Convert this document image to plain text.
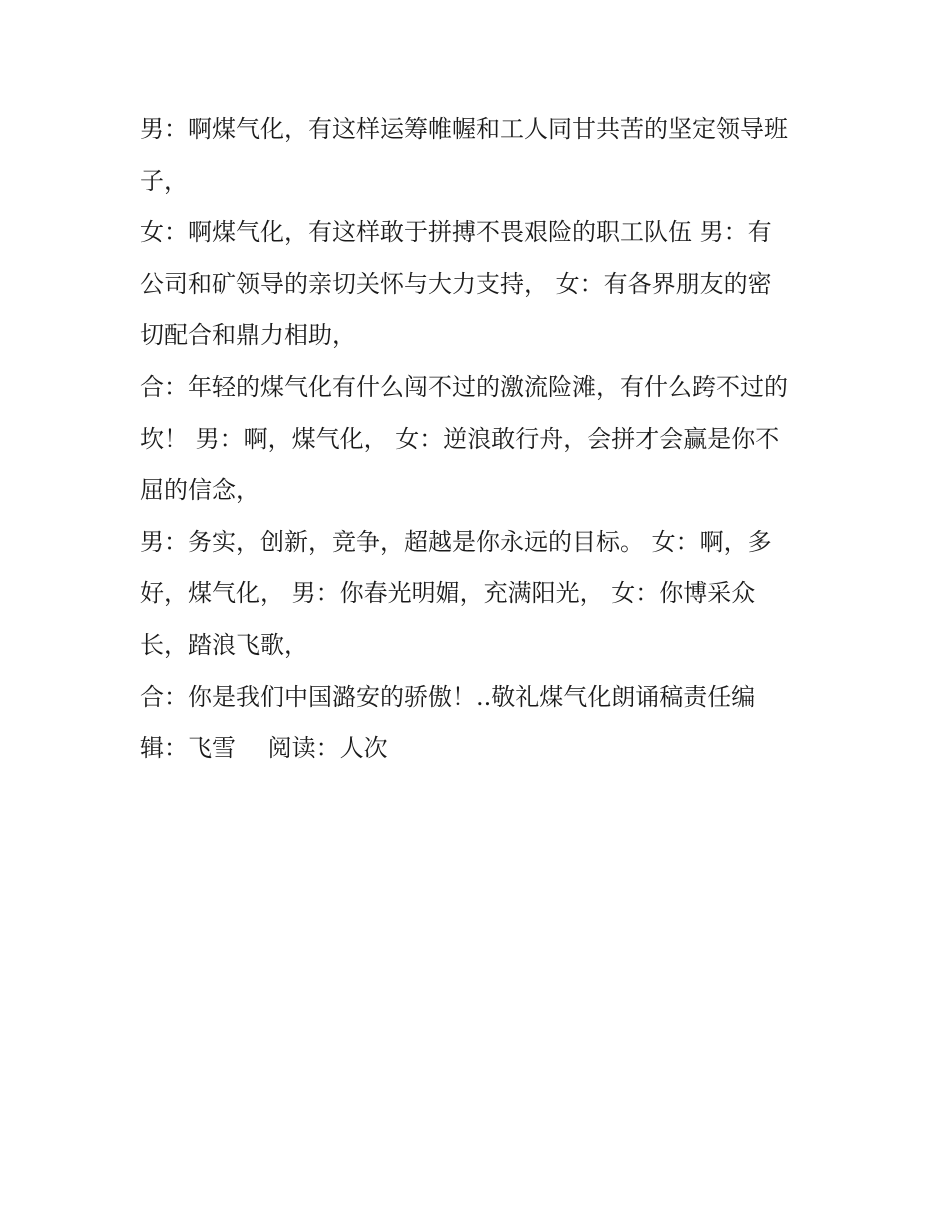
男：啊煤气化，有这样运筹帷幄和工人同甘共苦的坚定领导班
子，
女：啊煤气化，有这样敢于拼搏不畏艰险的职工队伍 男：有
公司和矿领导的亲切关怀与大力支持， 女：有各界朋友的密
切配合和鼎力相助，
合：年轻的煤气化有什么闯不过的激流险滩，有什么跨不过的
坎！ 男：啊，煤气化， 女：逆浪敢行舟，会拼才会赢是你不
屈的信念，
男：务实，创新，竞争，超越是你永远的目标。 女：啊，多
好，煤气化， 男：你春光明媚，充满阳光， 女：你博采众
长，踏浪飞歌，
合：你是我们中国潞安的骄傲！..敬礼煤气化朗诵稿责任编
辑：飞雪　 阅读：人次
